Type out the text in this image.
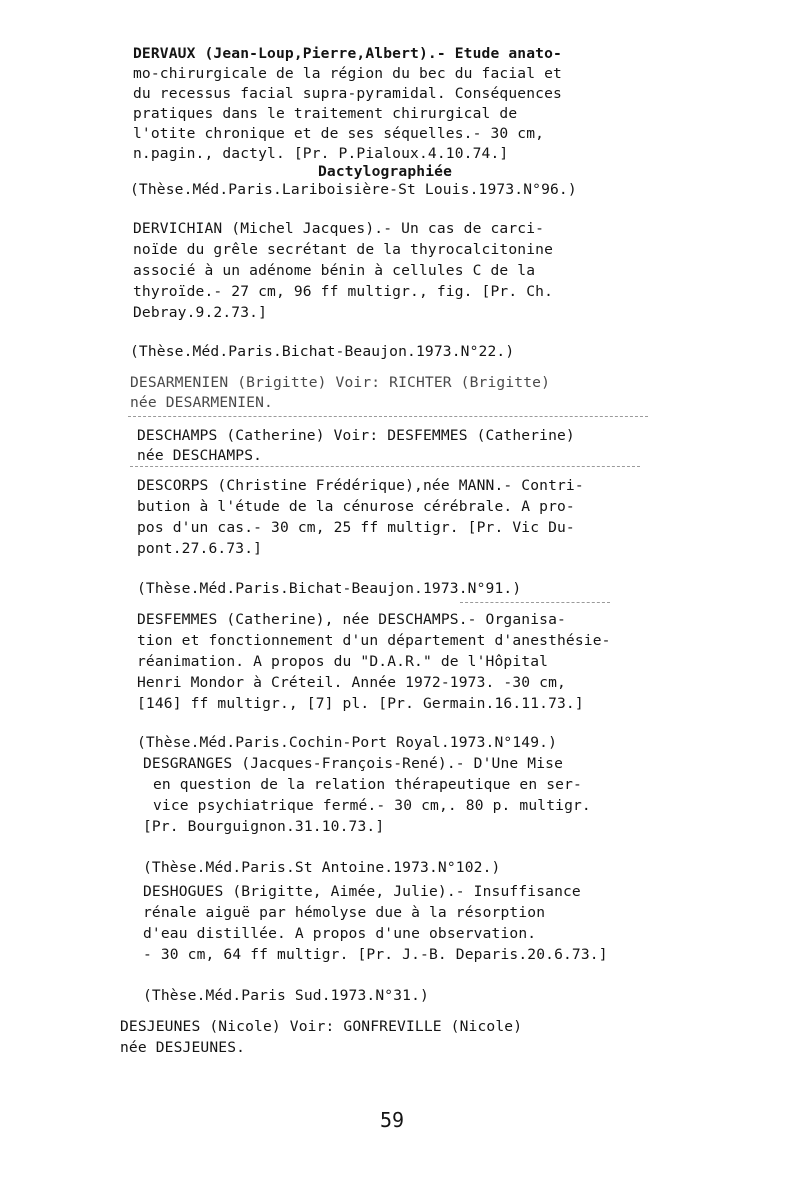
DERVAUX (Jean-Loup,Pierre,Albert).- Etude anato-
mo-chirurgicale de la région du bec du facial et
du recessus facial supra-pyramidal. Conséquences
pratiques dans le traitement chirurgical de
l'otite chronique et de ses séquelles.- 30 cm,
n.pagin., dactyl. [Pr. P.Pialoux.4.10.74.]
Dactylographiée
(Thèse.Méd.Paris.Lariboisière-St Louis.1973.N°96.)
DERVICHIAN (Michel Jacques).- Un cas de carci-
noïde du grêle secrétant de la thyrocalcitonine
associé à un adénome bénin à cellules C de la
thyroïde.- 27 cm, 96 ff multigr., fig. [Pr. Ch.
Debray.9.2.73.]
(Thèse.Méd.Paris.Bichat-Beaujon.1973.N°22.)
DESARMENIEN (Brigitte) Voir: RICHTER (Brigitte)
née DESARMENIEN.
DESCHAMPS (Catherine) Voir: DESFEMMES (Catherine)
née DESCHAMPS.
DESCORPS (Christine Frédérique),née MANN.- Contri-
bution à l'étude de la cénurose cérébrale. A pro-
pos d'un cas.- 30 cm, 25 ff multigr. [Pr. Vic Du-
pont.27.6.73.]
(Thèse.Méd.Paris.Bichat-Beaujon.1973.N°91.)
DESFEMMES (Catherine), née DESCHAMPS.- Organisa-
tion et fonctionnement d'un département d'anesthésie-
réanimation. A propos du "D.A.R." de l'Hôpital
Henri Mondor à Créteil. Année 1972-1973. -30 cm,
[146] ff multigr., [7] pl. [Pr. Germain.16.11.73.]
(Thèse.Méd.Paris.Cochin-Port Royal.1973.N°149.)
DESGRANGES (Jacques-François-René).- D'Une Mise
en question de la relation thérapeutique en ser-
vice psychiatrique fermé.- 30 cm,. 80 p. multigr.
[Pr. Bourguignon.31.10.73.]
(Thèse.Méd.Paris.St Antoine.1973.N°102.)
DESHOGUES (Brigitte, Aimée, Julie).- Insuffisance
rénale aiguë par hémolyse due à la résorption
d'eau distillée. A propos d'une observation.
- 30 cm, 64 ff multigr. [Pr. J.-B. Deparis.20.6.73.]
(Thèse.Méd.Paris Sud.1973.N°31.)
DESJEUNES (Nicole) Voir: GONFREVILLE (Nicole)
née DESJEUNES.
59
